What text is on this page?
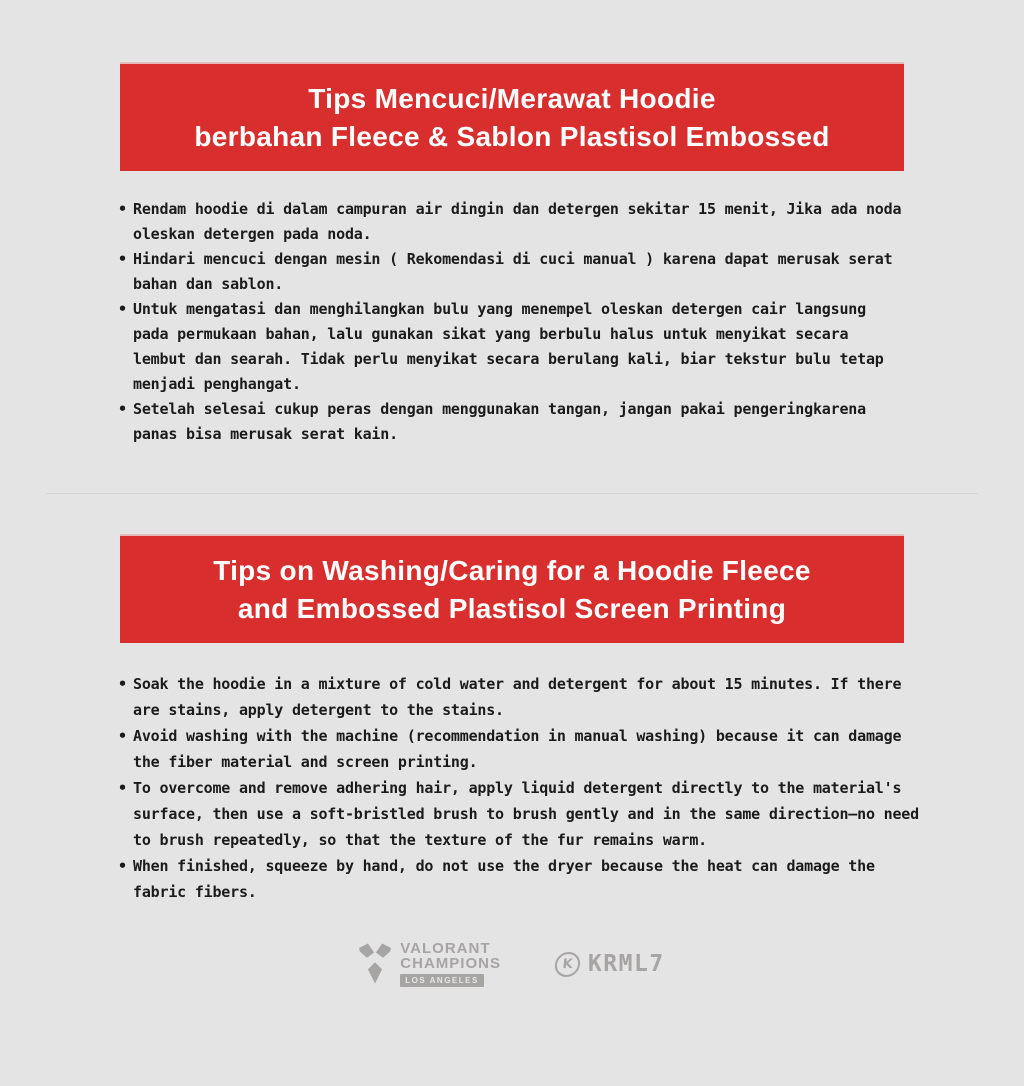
Tips Mencuci/Merawat Hoodie
berbahan Fleece & Sablon Plastisol Embossed
• Rendam hoodie di dalam campuran air dingin dan detergen sekitar 15 menit, Jika ada noda oleskan detergen pada noda.
• Hindari mencuci dengan mesin ( Rekomendasi di cuci manual ) karena dapat merusak serat bahan dan sablon.
• Untuk mengatasi dan menghilangkan bulu yang menempel oleskan detergen cair langsung pada permukaan bahan, lalu gunakan sikat yang berbulu halus untuk menyikat secara lembut dan searah. Tidak perlu menyikat secara berulang kali, biar tekstur bulu tetap menjadi penghangat.
• Setelah selesai cukup peras dengan menggunakan tangan, jangan pakai pengeringkarena panas bisa merusak serat kain.
Tips on Washing/Caring for a Hoodie Fleece
and Embossed Plastisol Screen Printing
• Soak the hoodie in a mixture of cold water and detergent for about 15 minutes. If there are stains, apply detergent to the stains.
• Avoid washing with the machine (recommendation in manual washing) because it can damage the fiber material and screen printing.
• To overcome and remove adhering hair, apply liquid detergent directly to the material's surface, then use a soft-bristled brush to brush gently and in the same direction—no need to brush repeatedly, so that the texture of the fur remains warm.
• When finished, squeeze by hand, do not use the dryer because the heat can damage the fabric fibers.
VALORANT
CHAMPIONS
LOS ANGELES
K KRML7
